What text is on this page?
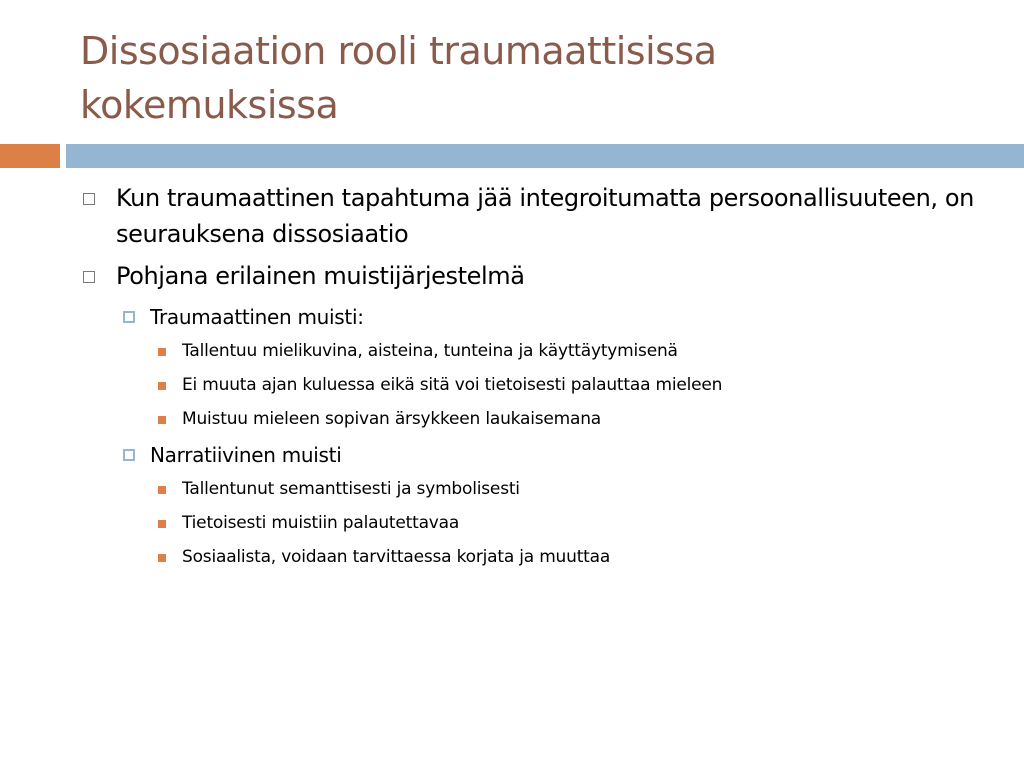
Dissosiaation rooli traumaattisissa
kokemuksissa
Kun traumaattinen tapahtuma jää integroitumatta persoonallisuuteen, on seurauksena dissosiaatio
Pohjana erilainen muistijärjestelmä
Traumaattinen muisti:
Tallentuu mielikuvina, aisteina, tunteina ja käyttäytymisenä
Ei muuta ajan kuluessa eikä sitä voi tietoisesti palauttaa mieleen
Muistuu mieleen sopivan ärsykkeen laukaisemana
Narratiivinen muisti
Tallentunut semanttisesti ja symbolisesti
Tietoisesti muistiin palautettavaa
Sosiaalista, voidaan tarvittaessa korjata ja muuttaa
